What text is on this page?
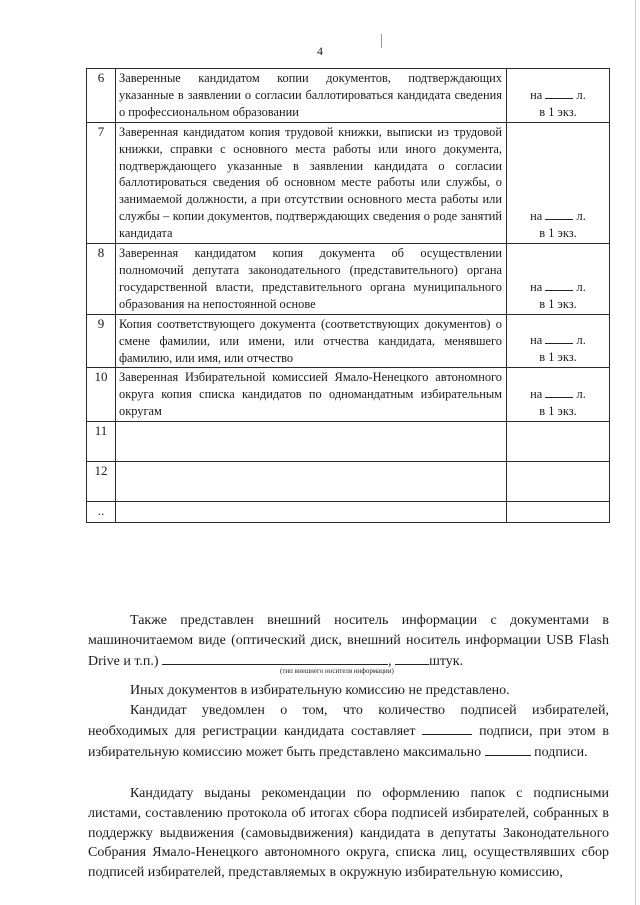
4
6	Заверенные кандидатом копии документов, подтверждающих указанные в заявлении о согласии баллотироваться кандидата сведения о профессиональном образовании	на л.
в 1 экз.
7	Заверенная кандидатом копия трудовой книжки, выписки из трудовой книжки, справки с основного места работы или иного документа, подтверждающего указанные в заявлении кандидата о согласии баллотироваться сведения об основном месте работы или службы, о занимаемой должности, а при отсутствии основного места работы или службы – копии документов, подтверждающих сведения о роде занятий кандидата	на л.
в 1 экз.
8	Заверенная кандидатом копия документа об осуществлении полномочий депутата законодательного (представительного) органа государственной власти, представительного органа муниципального образования на непостоянной основе	на л.
в 1 экз.
9	Копия соответствующего документа (соответствующих документов) о смене фамилии, или имени, или отчества кандидата, менявшего фамилию, или имя, или отчество	на л.
в 1 экз.
10	Заверенная Избирательной комиссией Ямало-Ненецкого автономного округа копия списка кандидатов по одномандатным избирательным округам	на л.
в 1 экз.
11		
12		
..		
Также представлен внешний носитель информации с документами в машиночитаемом виде (оптический диск, внешний носитель информации USB Flash Drive и т.п.)	,	штук.
(тип внешнего носителя информации)
Иных документов в избирательную комиссию не представлено.
Кандидат уведомлен о том, что количество подписей избирателей, необходимых для регистрации кандидата составляет	подписи, при этом в избирательную комиссию может быть представлено максимально	подписи.
Кандидату выданы рекомендации по оформлению папок с подписными листами, составлению протокола об итогах сбора подписей избирателей, собранных в поддержку выдвижения (самовыдвижения) кандидата в депутаты Законодательного Собрания Ямало-Ненецкого автономного округа, списка лиц, осуществлявших сбор подписей избирателей, представляемых в окружную избирательную комиссию,
